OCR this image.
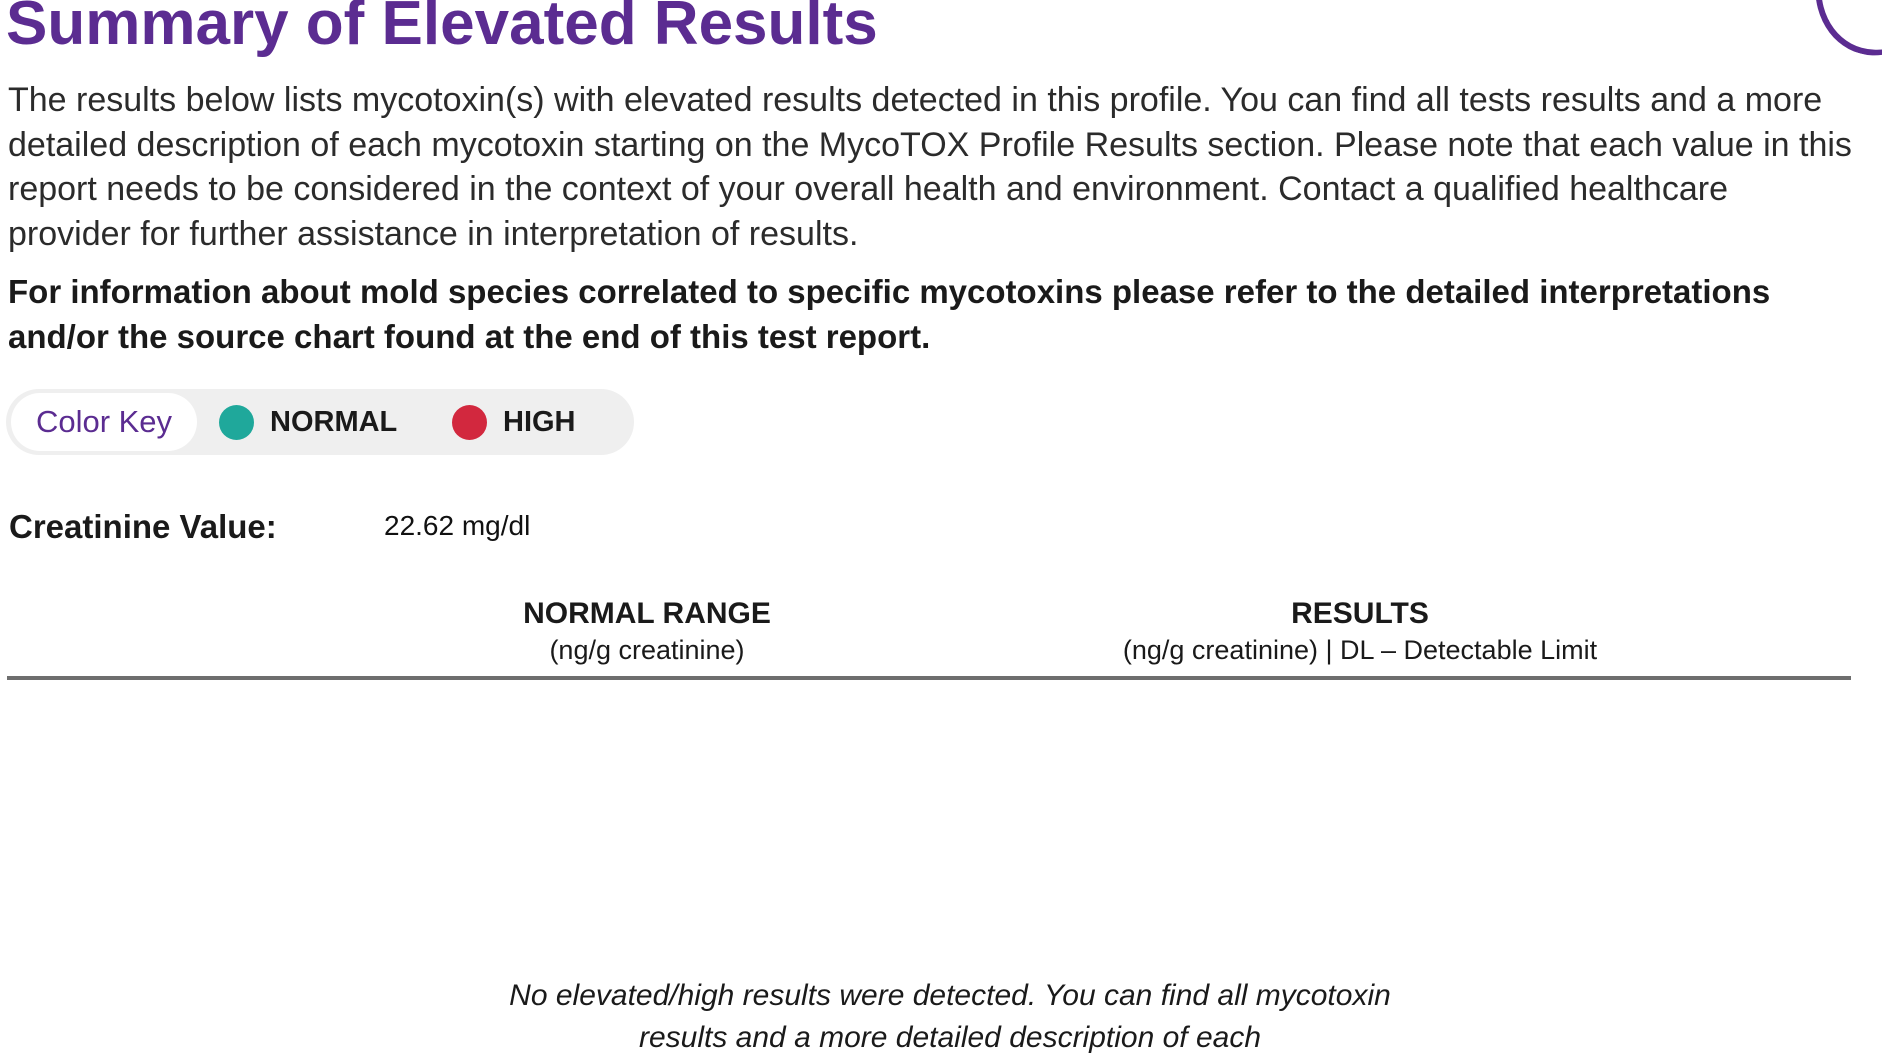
Summary of Elevated Results
The results below lists mycotoxin(s) with elevated results detected in this profile. You can find all tests results and a more detailed description of each mycotoxin starting on the MycoTOX Profile Results section. Please note that each value in this report needs to be considered in the context of your overall health and environment. Contact a qualified healthcare provider for further assistance in interpretation of results.
For information about mold species correlated to specific mycotoxins please refer to the detailed interpretations and/or the source chart found at the end of this test report.
Color Key	NORMAL	HIGH
Creatinine Value:	22.62 mg/dl
NORMAL RANGE
(ng/g creatinine)
RESULTS
(ng/g creatinine) | DL – Detectable Limit
No elevated/high results were detected. You can find all mycotoxin results and a more detailed description of each
